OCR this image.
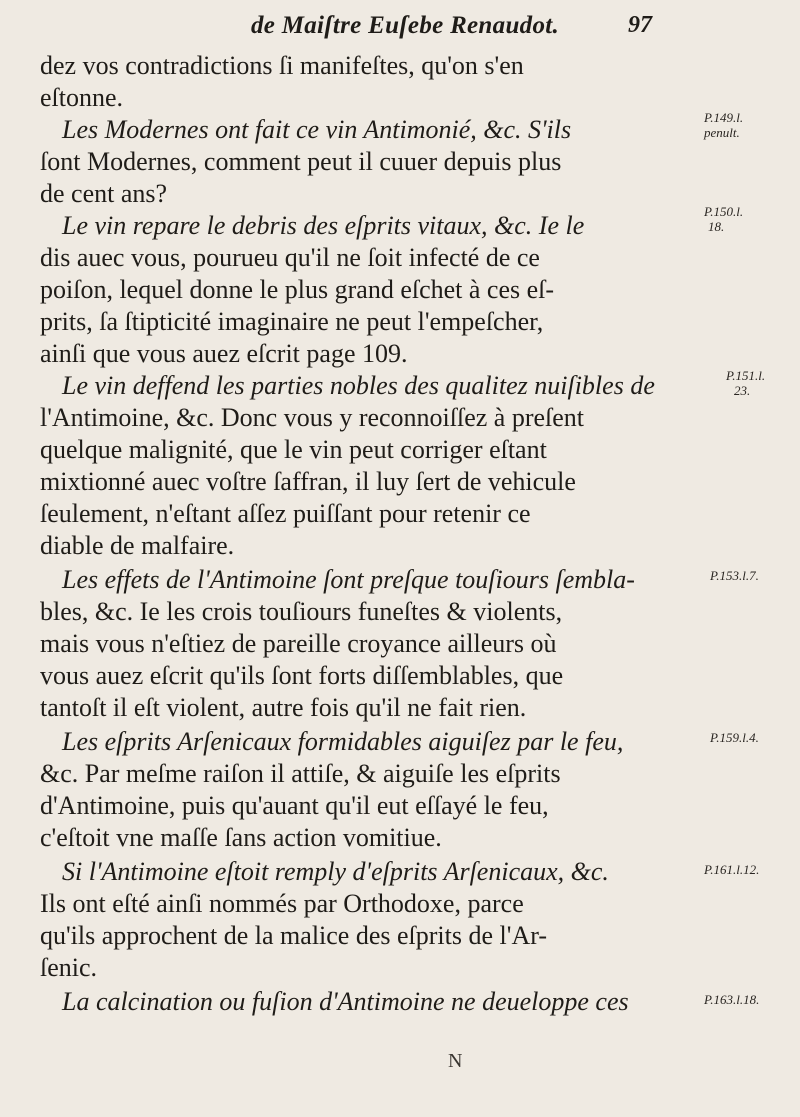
de Maiſtre Euſebe Renaudot.	97
dez vos contradictions ſi manifeſtes, qu'on s'en
eſtonne.
Les Modernes ont fait ce vin Antimonié, &c. S'ils
ſont Modernes, comment peut il cuuer depuis plus
de cent ans?
Le vin repare le debris des eſprits vitaux, &c. Ie le
dis auec vous, pourueu qu'il ne ſoit infecté de ce
poiſon, lequel donne le plus grand eſchet à ces eſ-
prits, ſa ſtipticité imaginaire ne peut l'empeſcher,
ainſi que vous auez eſcrit page 109.
Le vin deffend les parties nobles des qualitez nuiſibles de
l'Antimoine, &c. Donc vous y reconnoiſſez à preſent
quelque malignité, que le vin peut corriger eſtant
mixtionné auec voſtre ſaffran, il luy ſert de vehicule
ſeulement, n'eſtant aſſez puiſſant pour retenir ce
diable de malfaire.
Les effets de l'Antimoine ſont preſque touſiours ſembla-
bles, &c. Ie les crois touſiours funeſtes & violents,
mais vous n'eſtiez de pareille croyance ailleurs où
vous auez eſcrit qu'ils ſont forts diſſemblables, que
tantoſt il eſt violent, autre fois qu'il ne fait rien.
Les eſprits Arſenicaux formidables aiguiſez par le feu,
&c. Par meſme raiſon il attiſe, & aiguiſe les eſprits
d'Antimoine, puis qu'auant qu'il eut eſſayé le feu,
c'eſtoit vne maſſe ſans action vomitiue.
Si l'Antimoine eſtoit remply d'eſprits Arſenicaux, &c.
Ils ont eſté ainſi nommés par Orthodoxe, parce
qu'ils approchent de la malice des eſprits de l'Ar-
ſenic.
La calcination ou fuſion d'Antimoine ne deueloppe ces
P.149.l.
penult.
P.150.l.
18.
P.151.l.
23.
P.153.l.7.
P.159.l.4.
P.161.l.12.
P.163.l.18.
N
